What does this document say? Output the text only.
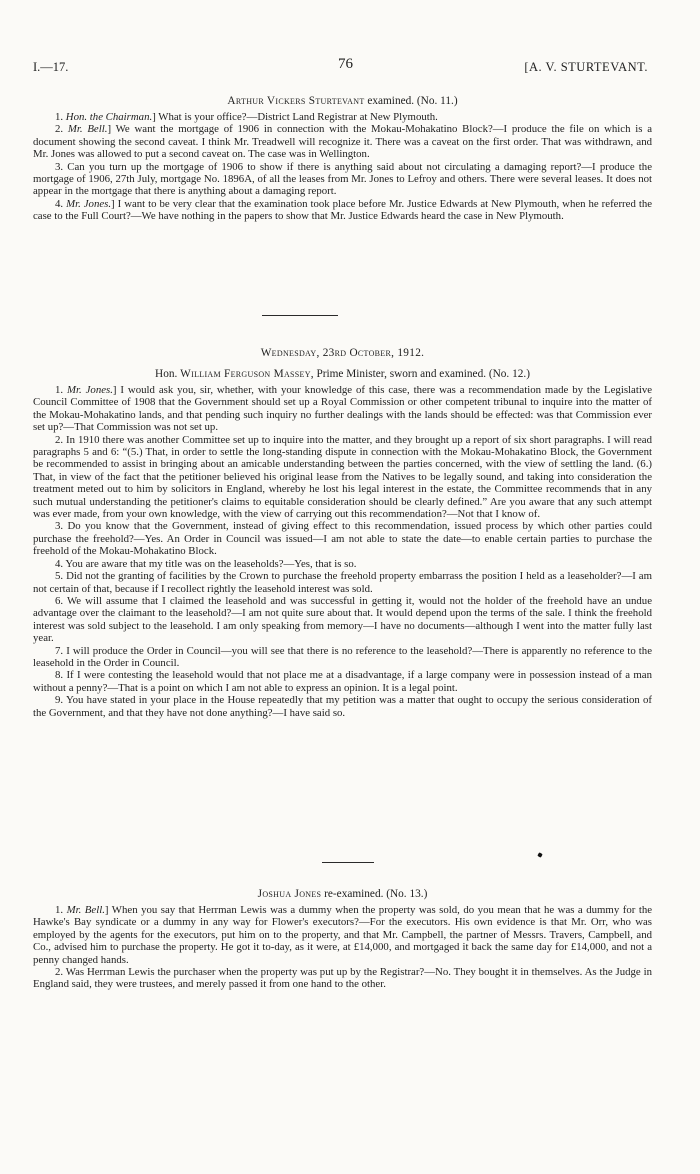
I.—17.	76	[A. V. STURTEVANT.
Arthur Vickers Sturtevant examined. (No. 11.)

1. Hon. the Chairman.] What is your office?—District Land Registrar at New Plymouth.

2. Mr. Bell.] We want the mortgage of 1906 in connection with the Mokau-Mohakatino Block?—I produce the file on which is a document showing the second caveat. I think Mr. Treadwell will recognize it. There was a caveat on the first order. That was withdrawn, and Mr. Jones was allowed to put a second caveat on. The case was in Wellington.

3. Can you turn up the mortgage of 1906 to show if there is anything said about not circulating a damaging report?—I produce the mortgage of 1906, 27th July, mortgage No. 1896A, of all the leases from Mr. Jones to Lefroy and others. There were several leases. It does not appear in the mortgage that there is anything about a damaging report.

4. Mr. Jones.] I want to be very clear that the examination took place before Mr. Justice Edwards at New Plymouth, when he referred the case to the Full Court?—We have nothing in the papers to show that Mr. Justice Edwards heard the case in New Plymouth.

Wednesday, 23rd October, 1912.
Hon. William Ferguson Massey, Prime Minister, sworn and examined. (No. 12.)

1. Mr. Jones.] I would ask you, sir, whether, with your knowledge of this case, there was a recommendation made by the Legislative Council Committee of 1908 that the Government should set up a Royal Commission or other competent tribunal to inquire into the matter of the Mokau-Mohakatino lands, and that pending such inquiry no further dealings with the lands should be effected: was that Commission ever set up?—That Commission was not set up.

2. In 1910 there was another Committee set up to inquire into the matter, and they brought up a report of six short paragraphs. I will read paragraphs 5 and 6: “(5.) That, in order to settle the long-standing dispute in connection with the Mokau-Mohakatino Block, the Government be recommended to assist in bringing about an amicable understanding between the parties concerned, with the view of settling the land. (6.) That, in view of the fact that the petitioner believed his original lease from the Natives to be legally sound, and taking into consideration the treatment meted out to him by solicitors in England, whereby he lost his legal interest in the estate, the Committee recommends that in any such mutual understanding the petitioner's claims to equitable consideration should be clearly defined.” Are you aware that any such attempt was ever made, from your own knowledge, with the view of carrying out this recommendation?—Not that I know of.

3. Do you know that the Government, instead of giving effect to this recommendation, issued process by which other parties could purchase the freehold?—Yes. An Order in Council was issued—I am not able to state the date—to enable certain parties to purchase the freehold of the Mokau-Mohakatino Block.

4. You are aware that my title was on the leaseholds?—Yes, that is so.

5. Did not the granting of facilities by the Crown to purchase the freehold property embarrass the position I held as a leaseholder?—I am not certain of that, because if I recollect rightly the leasehold interest was sold.

6. We will assume that I claimed the leasehold and was successful in getting it, would not the holder of the freehold have an undue advantage over the claimant to the leasehold?—I am not quite sure about that. It would depend upon the terms of the sale. I think the freehold interest was sold subject to the leasehold. I am only speaking from memory—I have no documents—although I went into the matter fully last year.

7. I will produce the Order in Council—you will see that there is no reference to the leasehold?—There is apparently no reference to the leasehold in the Order in Council.

8. If I were contesting the leasehold would that not place me at a disadvantage, if a large company were in possession instead of a man without a penny?—That is a point on which I am not able to express an opinion. It is a legal point.

9. You have stated in your place in the House repeatedly that my petition was a matter that ought to occupy the serious consideration of the Government, and that they have not done anything?—I have said so.

Joshua Jones re-examined. (No. 13.)

1. Mr. Bell.] When you say that Herrman Lewis was a dummy when the property was sold, do you mean that he was a dummy for the Hawke's Bay syndicate or a dummy in any way for Flower's executors?—For the executors. His own evidence is that Mr. Orr, who was employed by the agents for the executors, put him on to the property, and that Mr. Campbell, the partner of Messrs. Travers, Campbell, and Co., advised him to purchase the property. He got it to-day, as it were, at £14,000, and mortgaged it back the same day for £14,000, and not a penny changed hands.

2. Was Herrman Lewis the purchaser when the property was put up by the Registrar?—No. They bought it in themselves. As the Judge in England said, they were trustees, and merely passed it from one hand to the other.
